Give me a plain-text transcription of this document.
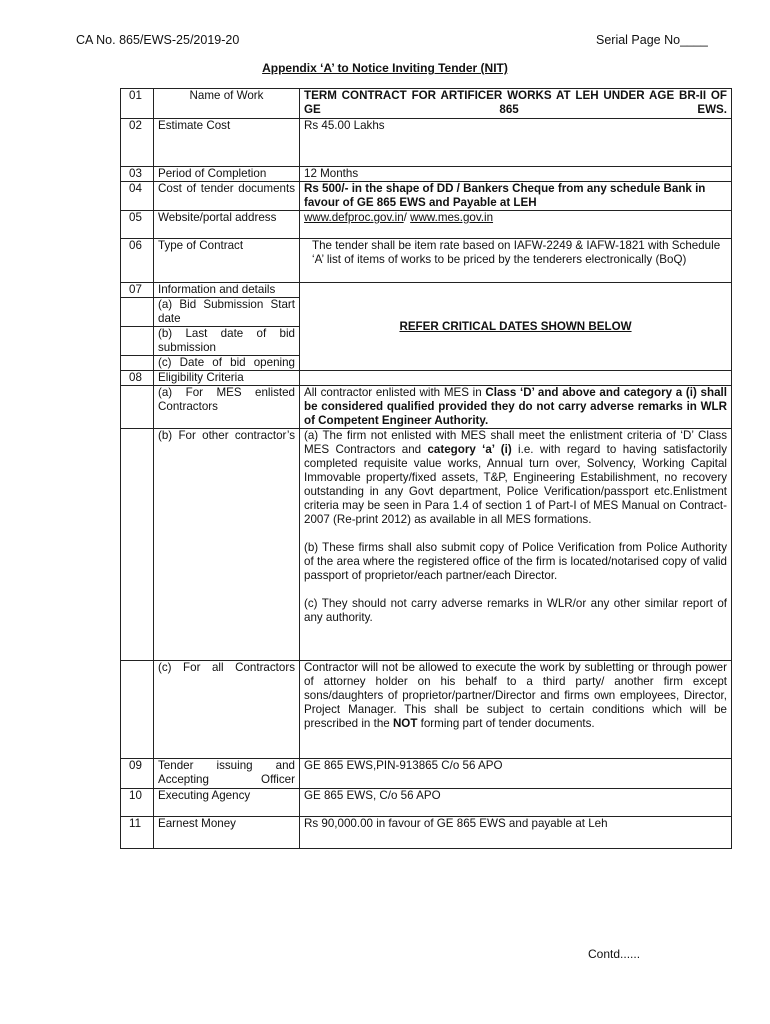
CA No. 865/EWS-25/2019-20	Serial Page No____
Appendix ‘A’ to Notice Inviting Tender (NIT)
01	Name of Work	TERM CONTRACT FOR ARTIFICER WORKS AT LEH UNDER AGE BR-II OF GE 865 EWS.
02	Estimate Cost	Rs 45.00 Lakhs
03	Period of Completion	12 Months
04	Cost of tender documents	Rs 500/- in the shape of DD / Bankers Cheque from any schedule Bank in favour of GE 865 EWS and Payable at LEH
05	Website/portal address	www.defproc.gov.in/ www.mes.gov.in
06	Type of Contract	The tender shall be item rate based on IAFW-2249 & IAFW-1821 with Schedule ‘A’ list of items of works to be priced by the tenderers electronically (BoQ)
07	Information and details	REFER CRITICAL DATES SHOWN BELOW
	(a) Bid Submission Start date	
	(b) Last date of bid submission	
	(c) Date of bid opening	
08	Eligibility Criteria	
	(a) For MES enlisted Contractors	All contractor enlisted with MES in Class ‘D’ and above and category a (i) shall be considered qualified provided they do not carry adverse remarks in WLR of Competent Engineer Authority.
	(b) For other contractor’s	(a) The firm not enlisted with MES shall meet the enlistment criteria of ‘D’ Class MES Contractors and category ‘a’ (i) i.e. with regard to having satisfactorily completed requisite value works, Annual turn over, Solvency, Working Capital Immovable property/fixed assets, T&P, Engineering Estabilishment, no recovery outstanding in any Govt department, Police Verification/passport etc.Enlistment criteria may be seen in Para 1.4 of section 1 of Part-I of MES Manual on Contract-2007 (Re-print 2012) as available in all MES formations.

(b) These firms shall also submit copy of Police Verification from Police Authority of the area where the registered office of the firm is located/notarised copy of valid passport of proprietor/each partner/each Director.

(c) They should not carry adverse remarks in WLR/or any other similar report of any authority.

	(c) For all Contractors	Contractor will not be allowed to execute the work by subletting or through power of attorney holder on his behalf to a third party/ another firm except sons/daughters of proprietor/partner/Director and firms own employees, Director, Project Manager. This shall be subject to certain conditions which will be prescribed in the NOT forming part of tender documents.
09	Tender issuing and Accepting Officer	GE 865 EWS,PIN-913865 C/o 56 APO
10	Executing Agency	GE 865 EWS, C/o 56 APO
11	Earnest Money	Rs 90,000.00 in favour of GE 865 EWS and payable at Leh
Contd......
